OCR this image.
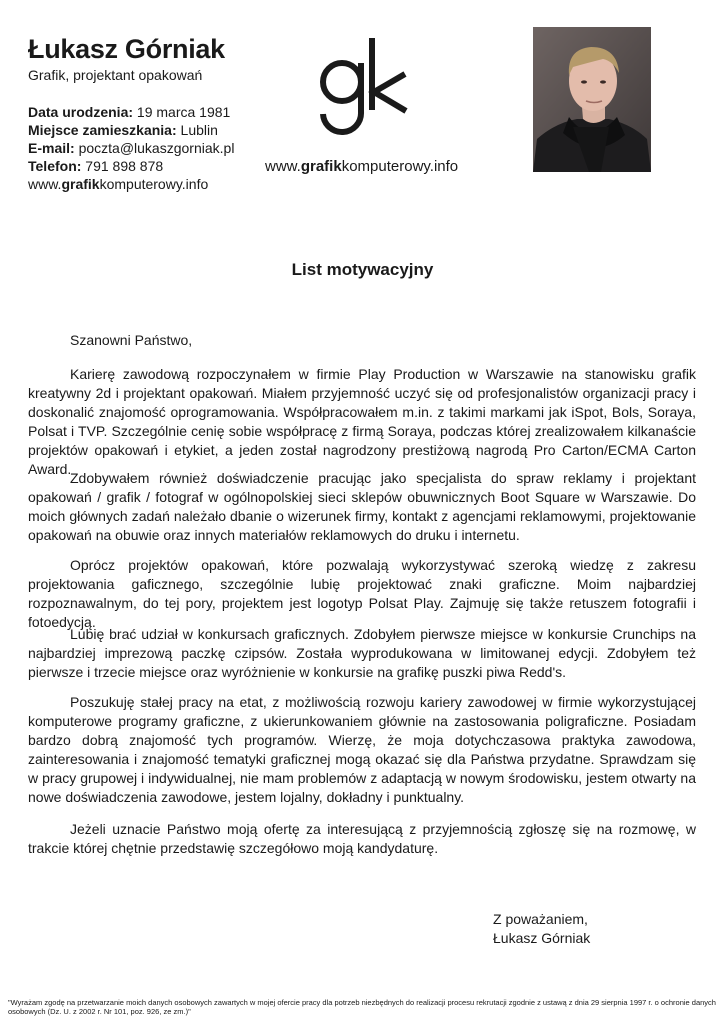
Łukasz Górniak
Grafik, projektant opakowań
Data urodzenia: 19 marca 1981
Miejsce zamieszkania: Lublin
E-mail: poczta@lukaszgorniak.pl
Telefon: 791 898 878
www.grafikkomputerowy.info
www.grafikkomputerowy.info
List motywacyjny
Szanowni Państwo,

Karierę zawodową rozpoczynałem w firmie Play Production w Warszawie na stanowisku grafik kreatywny 2d i projektant opakowań. Miałem przyjemność uczyć się od profesjonalistów organizacji pracy i doskonalić znajomość oprogramowania. Współpracowałem m.in. z takimi markami jak iSpot, Bols, Soraya, Polsat i TVP. Szczególnie cenię sobie współpracę z firmą Soraya, podczas której zrealizowałem kilkanaście projektów opakowań i etykiet, a jeden został nagrodzony prestiżową nagrodą Pro Carton/ECMA Carton Award.

Zdobywałem również doświadczenie pracując jako specjalista do spraw reklamy i projektant opakowań / grafik / fotograf w ogólnopolskiej sieci sklepów obuwnicznych Boot Square w Warszawie. Do moich głównych zadań należało dbanie o wizerunek firmy, kontakt z agencjami reklamowymi, projektowanie opakowań na obuwie oraz innych materiałów reklamowych do druku i internetu.

Oprócz projektów opakowań, które pozwalają wykorzystywać szeroką wiedzę z zakresu projektowania gaficznego, szczególnie lubię projektować znaki graficzne. Moim najbardziej rozpoznawalnym, do tej pory, projektem jest logotyp Polsat Play. Zajmuję się także retuszem fotografii i fotoedycją.

Lubię brać udział w konkursach graficznych. Zdobyłem pierwsze miejsce w konkursie Crunchips na najbardziej imprezową paczkę czipsów. Została wyprodukowana w limitowanej edycji. Zdobyłem też pierwsze i trzecie miejsce oraz wyróżnienie w konkursie na grafikę puszki piwa Redd's.

Poszukuję stałej pracy na etat, z możliwością rozwoju kariery zawodowej w firmie wykorzystującej komputerowe programy graficzne, z ukierunkowaniem głównie na zastosowania poligraficzne. Posiadam bardzo dobrą znajomość tych programów. Wierzę, że moja dotychczasowa praktyka zawodowa, zainteresowania i znajomość tematyki graficznej mogą okazać się dla Państwa przydatne. Sprawdzam się w pracy grupowej i indywidualnej, nie mam problemów z adaptacją w nowym środowisku, jestem otwarty na nowe doświadczenia zawodowe, jestem lojalny, dokładny i punktualny.

Jeżeli uznacie Państwo moją ofertę za interesującą z przyjemnością zgłoszę się na rozmowę, w trakcie której chętnie przedstawię szczegółowo moją kandydaturę.

Z poważaniem,
Łukasz Górniak
"Wyrażam zgodę na przetwarzanie moich danych osobowych zawartych w mojej ofercie pracy dla potrzeb niezbędnych do realizacji procesu rekrutacji zgodnie z ustawą z dnia 29 sierpnia 1997 r. o ochronie danych osobowych (Dz. U. z 2002 r. Nr 101, poz. 926, ze zm.)"
